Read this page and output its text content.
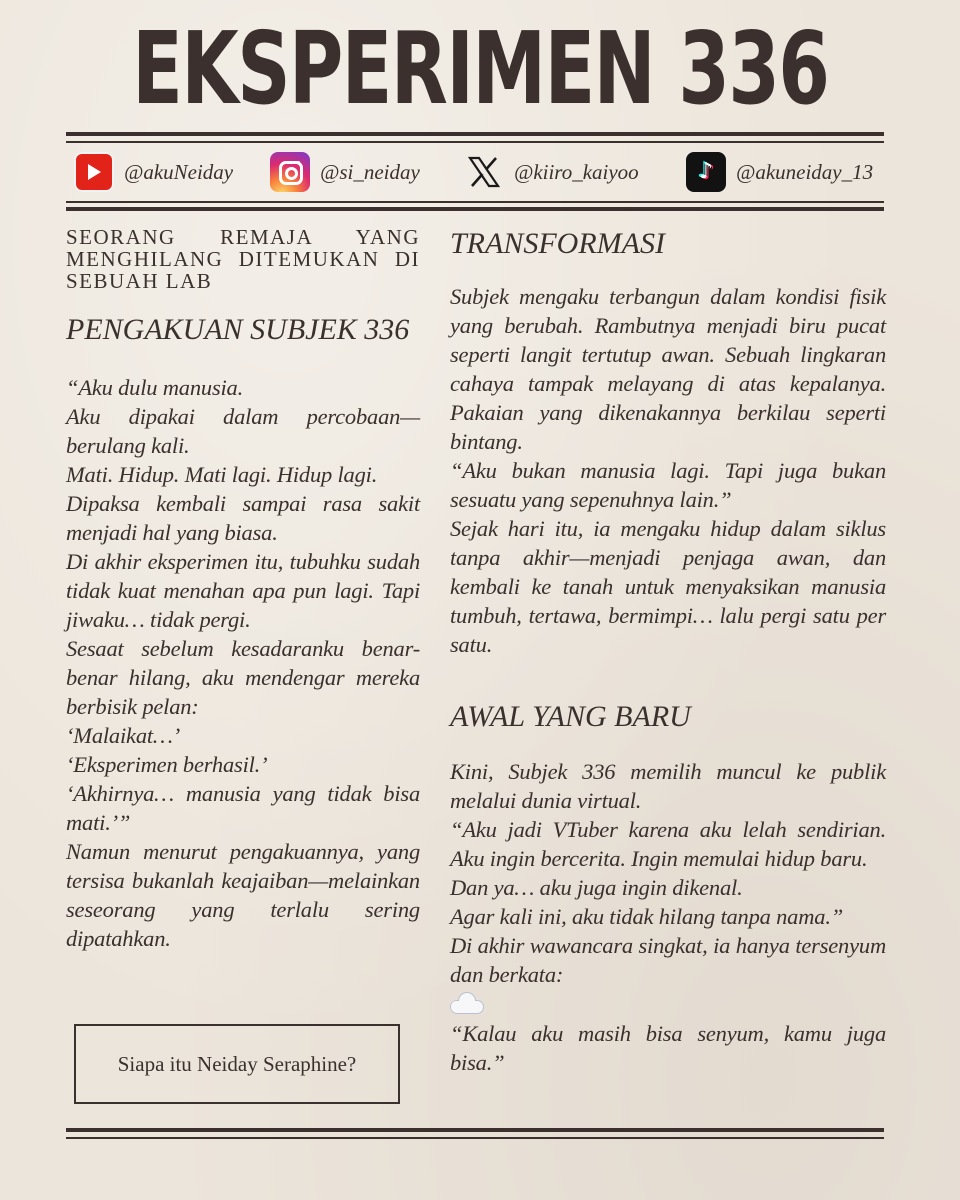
EKSPERIMEN 336
@akuNeiday	@si_neiday	@kiiro_kaiyoo	♪	@akuneiday_13

SEORANG REMAJA YANG MENGHILANG DITEMUKAN DI SEBUAH LAB

PENGAKUAN SUBJEK 336

“Aku dulu manusia.
Aku dipakai dalam percobaan—berulang kali.
Mati. Hidup. Mati lagi. Hidup lagi.
Dipaksa kembali sampai rasa sakit menjadi hal yang biasa.
Di akhir eksperimen itu, tubuhku sudah tidak kuat menahan apa pun lagi. Tapi jiwaku… tidak pergi.
Sesaat sebelum kesadaranku benar-benar hilang, aku mendengar mereka berbisik pelan:
‘Malaikat…’
‘Eksperimen berhasil.’
‘Akhirnya… manusia yang tidak bisa mati.’”
Namun menurut pengakuannya, yang tersisa bukanlah keajaiban—melainkan seseorang yang terlalu sering dipatahkan.

Siapa itu Neiday Seraphine?
TRANSFORMASI

Subjek mengaku terbangun dalam kondisi fisik yang berubah. Rambutnya menjadi biru pucat seperti langit tertutup awan. Sebuah lingkaran cahaya tampak melayang di atas kepalanya. Pakaian yang dikenakannya berkilau seperti bintang.
“Aku bukan manusia lagi. Tapi juga bukan sesuatu yang sepenuhnya lain.”
Sejak hari itu, ia mengaku hidup dalam siklus tanpa akhir—menjadi penjaga awan, dan kembali ke tanah untuk menyaksikan manusia tumbuh, tertawa, bermimpi… lalu pergi satu per satu.

AWAL YANG BARU

Kini, Subjek 336 memilih muncul ke publik melalui dunia virtual.
“Aku jadi VTuber karena aku lelah sendirian. Aku ingin bercerita. Ingin memulai hidup baru.
Dan ya… aku juga ingin dikenal.
Agar kali ini, aku tidak hilang tanpa nama.”
Di akhir wawancara singkat, ia hanya tersenyum dan berkata:

“Kalau aku masih bisa senyum, kamu juga bisa.”
